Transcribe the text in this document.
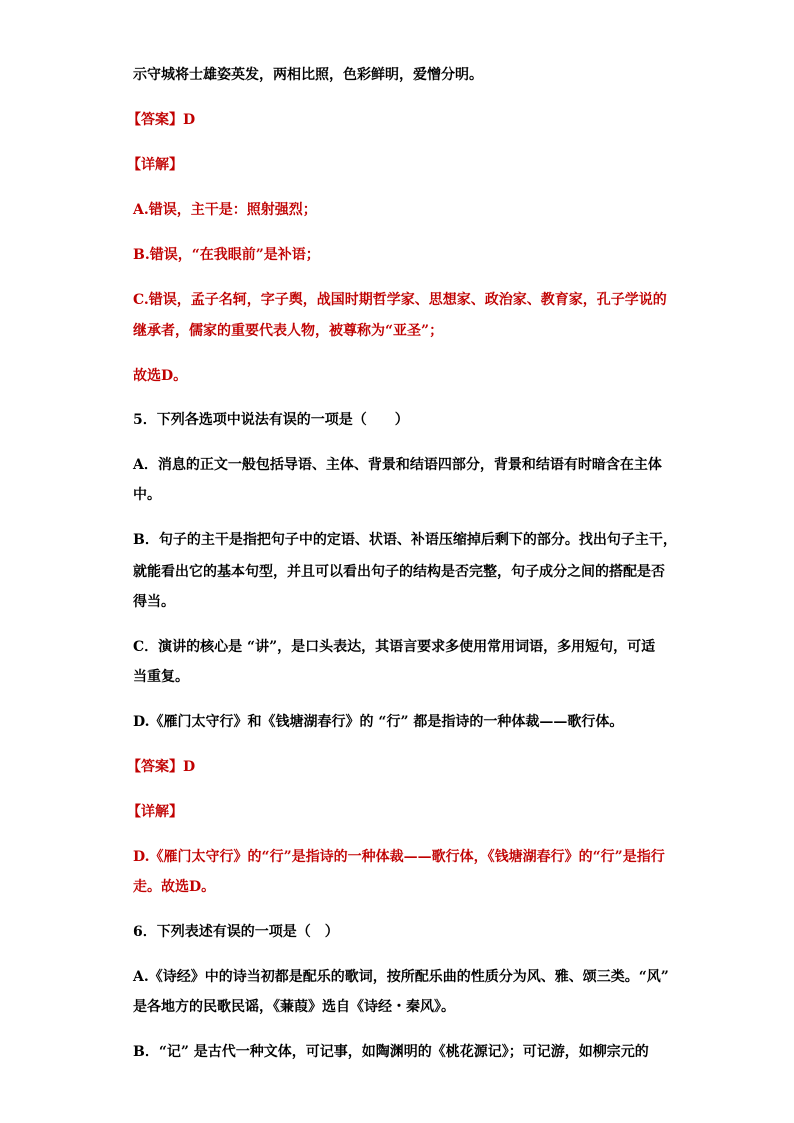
示守城将士雄姿英发，两相比照，色彩鲜明，爱憎分明。
【答案】D
【详解】
A.错误，主干是：照射强烈；
B.错误，“在我眼前”是补语；
C.错误，孟子名轲，字子舆，战国时期哲学家、思想家、政治家、教育家，孔子学说的
继承者，儒家的重要代表人物，被尊称为“亚圣”；
故选D。
5．下列各选项中说法有误的一项是（　　）
A．消息的正文一般包括导语、主体、背景和结语四部分，背景和结语有时暗含在主体
中。
B．句子的主干是指把句子中的定语、状语、补语压缩掉后剩下的部分。找出句子主干，
就能看出它的基本句型，并且可以看出句子的结构是否完整，句子成分之间的搭配是否
得当。
C．演讲的核心是 “讲”，是口头表达，其语言要求多使用常用词语，多用短句，可适
当重复。
D.《雁门太守行》和《钱塘湖春行》的 “行” 都是指诗的一种体裁——歌行体。
【答案】D
【详解】
D.《雁门太守行》的“行”是指诗的一种体裁——歌行体，《钱塘湖春行》的“行”是指行
走。故选D。
6．下列表述有误的一项是（　）
A.《诗经》中的诗当初都是配乐的歌词，按所配乐曲的性质分为风、雅、颂三类。“风”
是各地方的民歌民谣，《蒹葭》选自《诗经・秦风》。
B．“记” 是古代一种文体，可记事，如陶渊明的《桃花源记》；可记游，如柳宗元的
